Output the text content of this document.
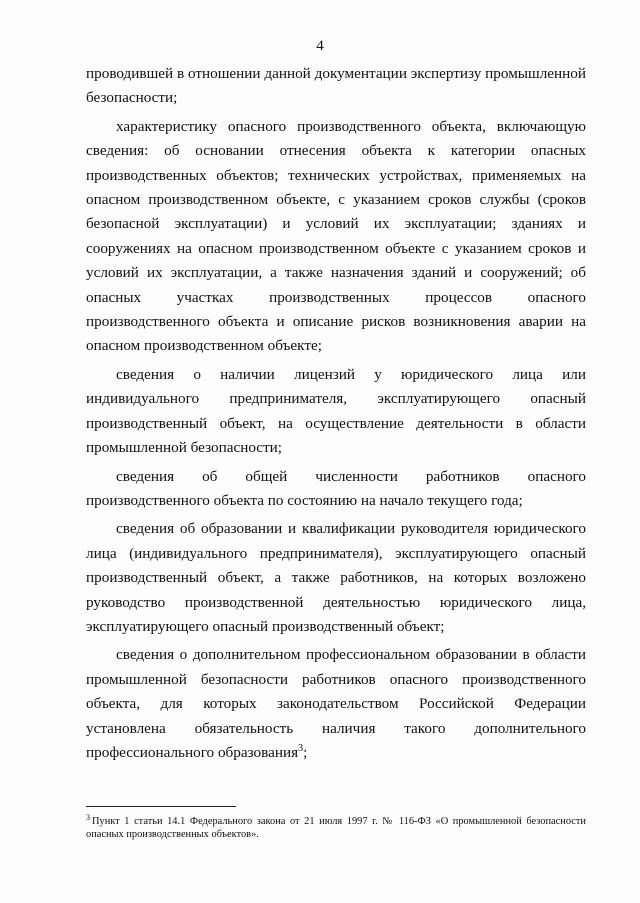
4

проводившей в отношении данной документации экспертизу промышленной безопасности;

характеристику опасного производственного объекта, включающую сведения: об основании отнесения объекта к категории опасных производственных объектов; технических устройствах, применяемых на опасном производственном объекте, с указанием сроков службы (сроков безопасной эксплуатации) и условий их эксплуатации; зданиях и сооружениях на опасном производственном объекте с указанием сроков и условий их эксплуатации, а также назначения зданий и сооружений; об опасных участках производственных процессов опасного производственного объекта и описание рисков возникновения аварии на опасном производственном объекте;

сведения о наличии лицензий у юридического лица или индивидуального предпринимателя, эксплуатирующего опасный производственный объект, на осуществление деятельности в области промышленной безопасности;

сведения об общей численности работников опасного производственного объекта по состоянию на начало текущего года;

сведения об образовании и квалификации руководителя юридического лица (индивидуального предпринимателя), эксплуатирующего опасный производственный объект, а также работников, на которых возложено руководство производственной деятельностью юридического лица, эксплуатирующего опасный производственный объект;

сведения о дополнительном профессиональном образовании в области промышленной безопасности работников опасного производственного объекта, для которых законодательством Российской Федерации установлена обязательность наличия такого дополнительного профессионального образования$^3$;

$^3$ Пункт 1 статьи 14.1 Федерального закона от 21 июля 1997 г. № 116-ФЗ «О промышленной безопасности опасных производственных объектов».
